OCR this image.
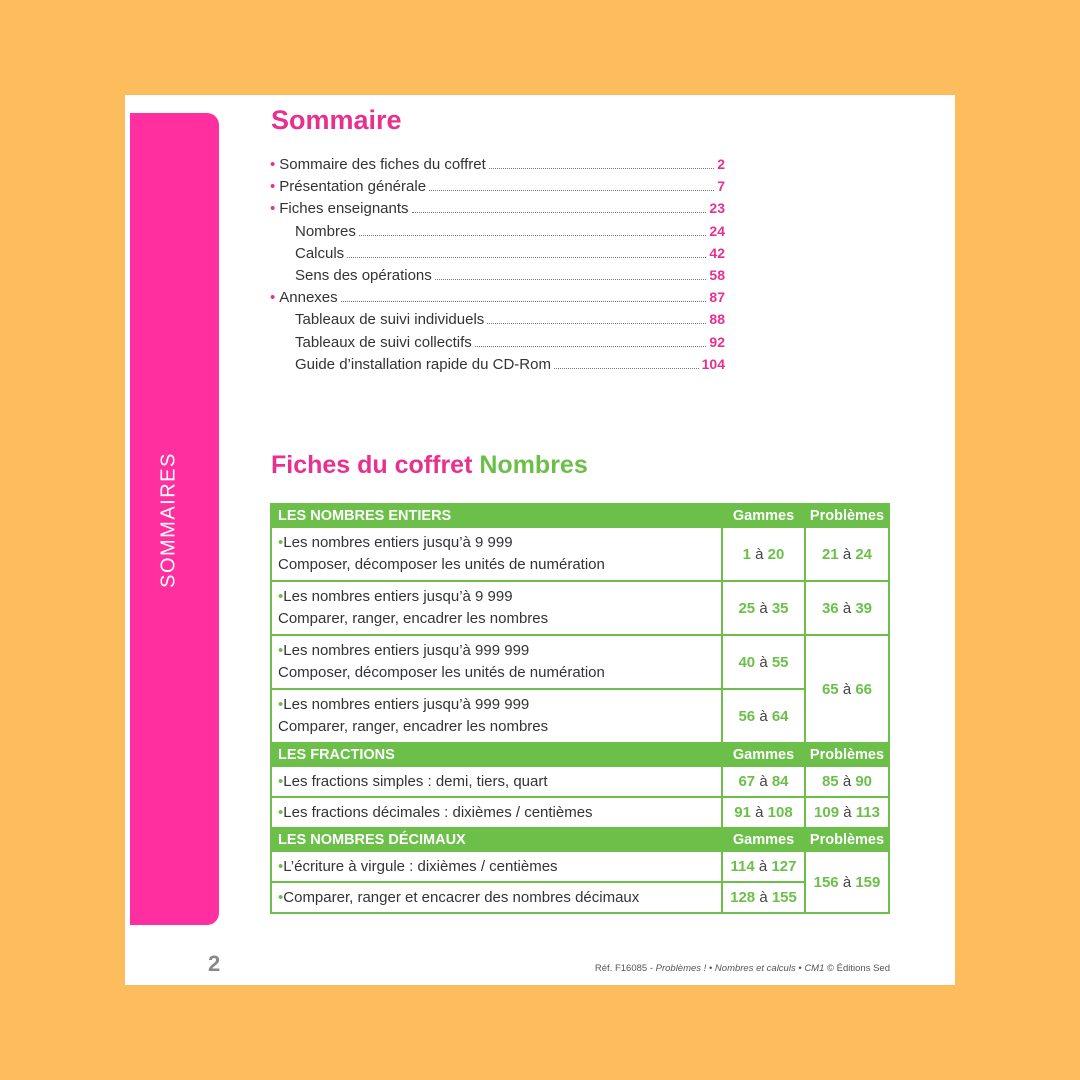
SOMMAIRES
Sommaire
• Sommaire des fiches du coffret	2
• Présentation générale	7
• Fiches enseignants	23
Nombres	24
Calculs	42
Sens des opérations	58
• Annexes	87
Tableaux de suivi individuels	88
Tableaux de suivi collectifs	92
Guide d’installation rapide du CD-Rom	104
Fiches du coffret Nombres
LES NOMBRES ENTIERS	Gammes	Problèmes
•Les nombres entiers jusqu’à 9 999
Composer, décomposer les unités de numération	1 à 20	21 à 24
•Les nombres entiers jusqu’à 9 999
Comparer, ranger, encadrer les nombres	25 à 35	36 à 39
•Les nombres entiers jusqu’à 999 999
Composer, décomposer les unités de numération	40 à 55	65 à 66
•Les nombres entiers jusqu’à 999 999
Comparer, ranger, encadrer les nombres	56 à 64	
LES FRACTIONS	Gammes	Problèmes
•Les fractions simples : demi, tiers, quart	67 à 84	85 à 90
•Les fractions décimales : dixièmes / centièmes	91 à 108	109 à 113
LES NOMBRES DÉCIMAUX	Gammes	Problèmes
•L’écriture à virgule : dixièmes / centièmes	114 à 127	156 à 159
•Comparer, ranger et encacrer des nombres décimaux	128 à 155	
2	Réf. F16085 - Problèmes ! • Nombres et calculs • CM1 © Éditions Sed
